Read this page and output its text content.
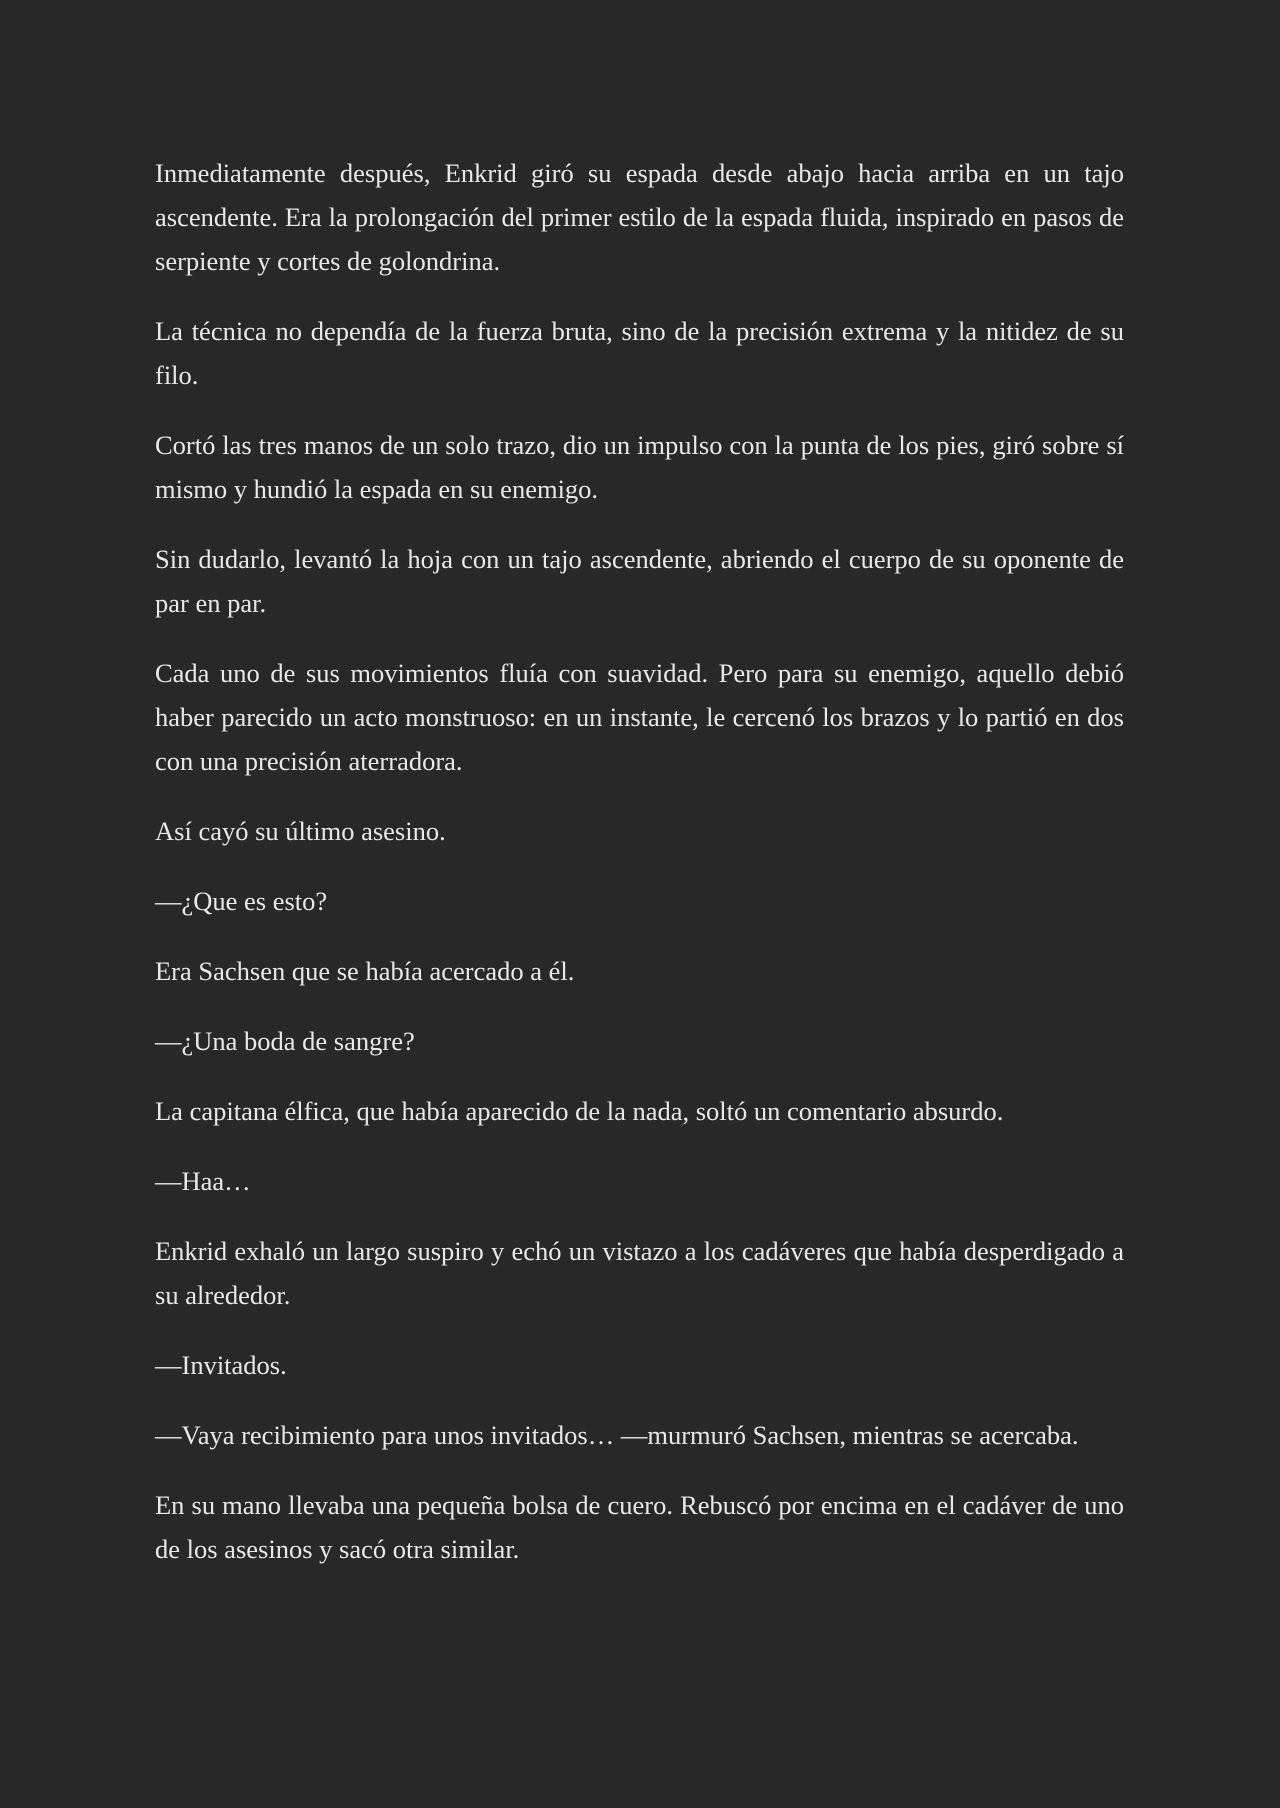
Inmediatamente después, Enkrid giró su espada desde abajo hacia arriba en un tajo ascendente. Era la prolongación del primer estilo de la espada fluida, inspirado en pasos de serpiente y cortes de golondrina.

La técnica no dependía de la fuerza bruta, sino de la precisión extrema y la nitidez de su filo.

Cortó las tres manos de un solo trazo, dio un impulso con la punta de los pies, giró sobre sí mismo y hundió la espada en su enemigo.

Sin dudarlo, levantó la hoja con un tajo ascendente, abriendo el cuerpo de su oponente de par en par.

Cada uno de sus movimientos fluía con suavidad. Pero para su enemigo, aquello debió haber parecido un acto monstruoso: en un instante, le cercenó los brazos y lo partió en dos con una precisión aterradora.

Así cayó su último asesino.

—¿Que es esto?

Era Sachsen que se había acercado a él.

—¿Una boda de sangre?

La capitana élfica, que había aparecido de la nada, soltó un comentario absurdo.

—Haa…

Enkrid exhaló un largo suspiro y echó un vistazo a los cadáveres que había desperdigado a su alrededor.

—Invitados.

—Vaya recibimiento para unos invitados… —murmuró Sachsen, mientras se acercaba.

En su mano llevaba una pequeña bolsa de cuero. Rebuscó por encima en el cadáver de uno de los asesinos y sacó otra similar.
